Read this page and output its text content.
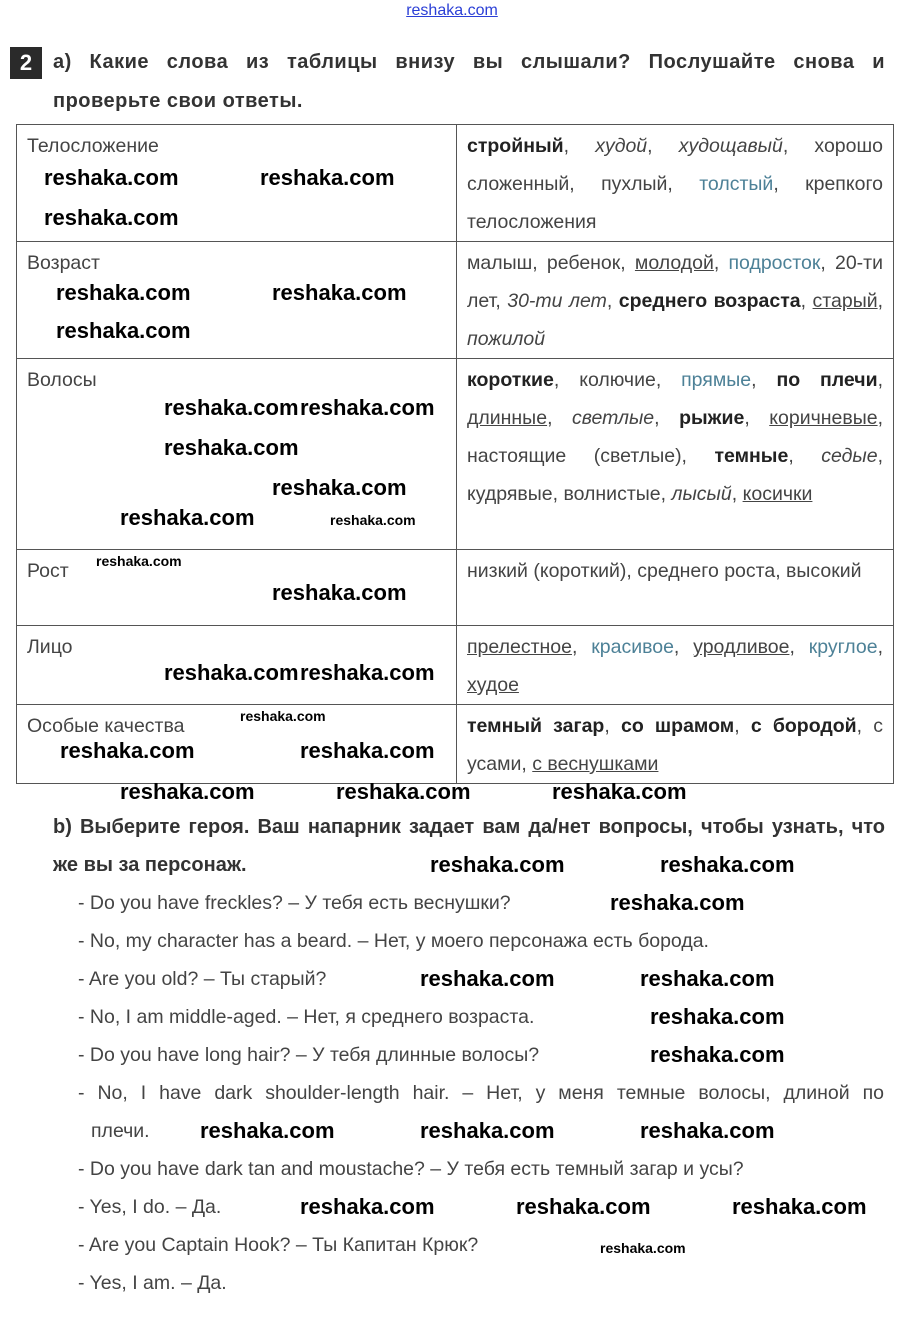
reshaka.com
2	a) Какие слова из таблицы внизу вы слышали? Послушайте снова и
проверьте свои ответы.
Телосложение	стройный, худой, худощавый, хорошо сложенный, пухлый, толстый, крепкого телосложения
Возраст	малыш, ребенок, молодой, подросток, 20-ти лет, 30-ти лет, среднего возраста, старый, пожилой
Волосы	короткие, колючие, прямые, по плечи, длинные, светлые, рыжие, коричневые, настоящие (светлые), темные, седые, кудрявые, волнистые, лысый, косички
Рост	низкий (короткий), среднего роста, высокий
Лицо	прелестное, красивое, уродливое, круглое, худое
Особые качества	темный загар, со шрамом, с бородой, с усами, с веснушками
b) Выберите героя. Ваш напарник задает вам да/нет вопросы, чтобы узнать, что же вы за персонаж.
- Do you have freckles? – У тебя есть веснушки?
- No, my character has a beard. – Нет, у моего персонажа есть борода.
- Are you old? – Ты старый?
- No, I am middle-aged. – Нет, я среднего возраста.
- Do you have long hair? – У тебя длинные волосы?
- No, I have dark shoulder-length hair. – Нет, у меня темные волосы, длиной по
плечи.
- Do you have dark tan and moustache? – У тебя есть темный загар и усы?
- Yes, I do. – Да.
- Are you Captain Hook? – Ты Капитан Крюк?
- Yes, I am. – Да.
reshaka.com	reshaka.com
reshaka.com
reshaka.com	reshaka.com
reshaka.com
reshaka.com reshaka.com
reshaka.com
reshaka.com
reshaka.com
reshaka.com
reshaka.com reshaka.com
reshaka.com	reshaka.com
reshaka.com	reshaka.com	reshaka.com
reshaka.com	reshaka.com
reshaka.com
reshaka.com	reshaka.com
reshaka.com
reshaka.com
reshaka.com	reshaka.com	reshaka.com
reshaka.com	reshaka.com	reshaka.com
reshaka.com
reshaka.com
reshaka.com
reshaka.com
